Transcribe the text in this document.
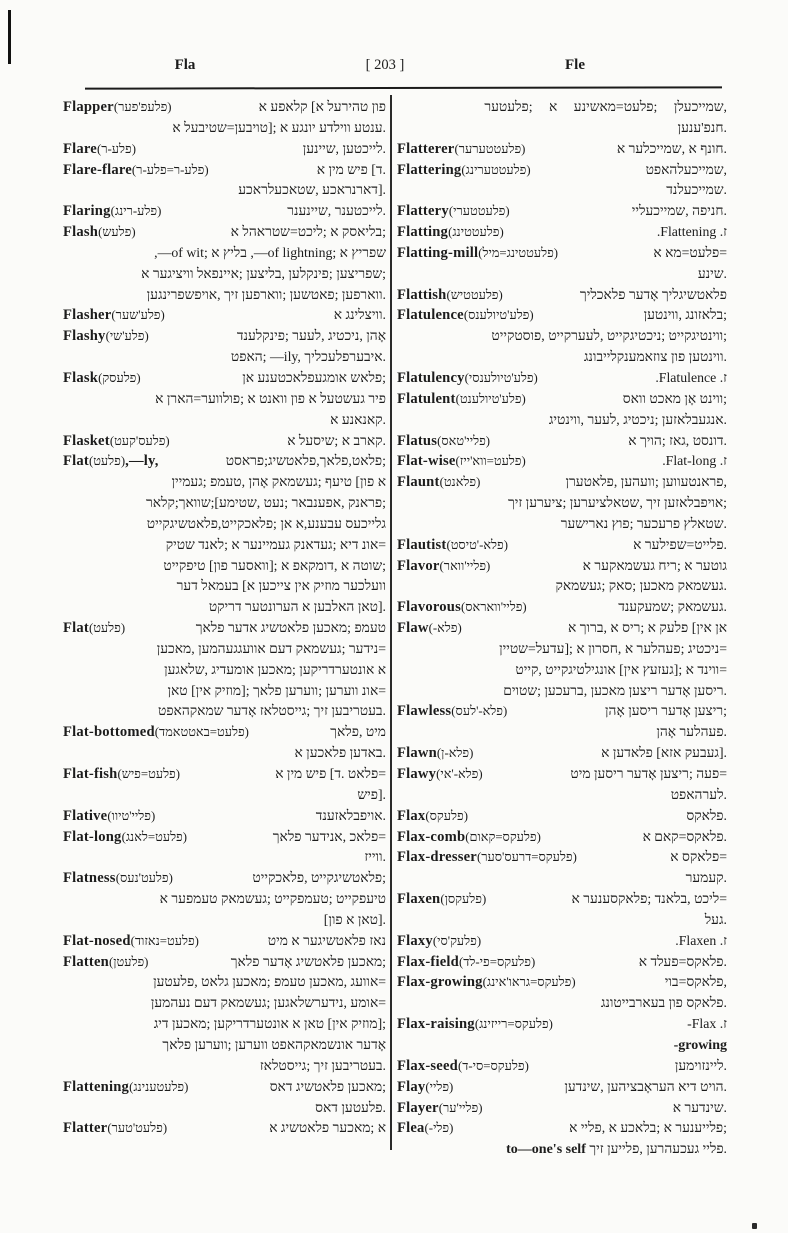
Fla	[ 203 ]	Fle
Flapper (פלעפ'פער)	א ‎קלאפע ‎[א ‎טהירעל ‎פון
א ‎טויבען=שטיבעל]; ‎א ‎יונגע ‎ווילדע ‎ענטע.
Flare (פלע-ר)	שיינען, ‎לייכטען.
Flare-flare (פלע-ר=פלע-ר)	א ‎מין ‎פיש ‎[ד.
שטאכעלראכע, ‎דארנראכע].
Flaring (פלע-רינג)	שיינענר, ‎לייכטענר.
Flash (פלעש)	א ‎ליכט=שטראהל; ‎א ‎בליאסק;
,—of ‎wit; ‎א ‎בליץ ‎,—of ‎lightning; ‎א ‎שפריץ
א ‎וויציגער ‎איינפאל; ‎בליצען, ‎פינקלען; ‎שפריצען;
אויפשפרינגען, ‎זיך ‎ווארפען; ‎פאטשען; ‎ווארפען.
Flasher (פלע'שער)	א ‎וויצלינג.
Flashy (פלע'שי)	פינקלענד; ‎לעער, ‎ניכטיג, ‎אָהן
האפט; ‎—ily, ‎איבערפלעכליך.
Flask (פלעסק)	אן ‎אומגעפלאכטענע ‎פלאש;
א ‎פולווער=הארן; ‎א ‎וואנט ‎פון ‎א ‎געשטעל ‎פיר
א ‎קאנאנע.
Flasket (פלעס'קעט)	א ‎שיסעל; ‎א ‎קארב.
Flat (פלעט) ,—ly,	פלאט,פלאך,פלאטשיג;פראסט;
געמיין; ‎טעמפ, ‎אָהן ‎געשמאק; ‎טיעף ‎[פון ‎א
שטימע];שוואך;קלאר, ‎נעט; ‎אפענבאר, ‎פראנק;
פלאכקייט,פלאטשיגקייט; ‎אן ‎עבענע,א ‎גלייכעס
שטיק ‎לאנד; ‎א ‎געמיינער ‎געדאנק; ‎דיא ‎אונ=
טיפקייט ‎[פון ‎וואסער]; ‎א ‎דומקאפ, ‎א ‎שוטה;
דער ‎בעמאל ‎[א ‎צייכען ‎אין ‎מוזיק ‎וועלכער
דריקט ‎הערונטער ‎א ‎האלבען ‎טאן].
Flat (פלעט)	פלאך ‎אדער ‎פלאטשיג ‎מאכען; ‎טעמפ
מאכען, ‎אוועגגעהמען ‎דעם ‎געשמאק; ‎נידער=
שלאגען, ‎אומעדיג ‎מאכען; ‎אונטערדריקען ‎א
טאן ‎[אין ‎מוזיק]; ‎פלאך ‎ווערען; ‎ווערען ‎אונ=
שמאקהאפט ‎אָדער ‎גייסטלאז; ‎זיך ‎בעטריבען.
Flat-bottomed (פלעט=באטטאמד)	פלאך, ‎מיט
א ‎פלאכען ‎באדען.
Flat-fish (פלעט=פיש)	א ‎מין ‎פיש ‎[ד. ‎פלאט=
פיש].
Flative (פליי'טיוו)	אויפבלאזענד.
Flat-long (פלעט=לאנג)	פלאך ‎אנידער, ‎פלאכ=
ווייז.
Flatness (פלעט'נעס)	פלאכקייט, ‎פלאטשיגקייט;
א ‎טעמפער ‎געשמאק; ‎טעמפקייט; ‎טיעפקייט
[פון ‎א ‎טאן].
Flat-nosed (פלעט=נאזוד)	מיט ‎א ‎פלאטשיגער ‎נאז
Flatten (פלעטן)	פלאך ‎אָדער ‎פלאטשיג ‎מאכען;
פלעטען, ‎גלאט ‎מאכען; ‎טעמפ ‎מאכען, ‎אוועג=
נעהמען ‎דעם ‎געשמאק; ‎נידערשלאגען, ‎אומע=
דיג ‎מאכען; ‎אונטערדריקען ‎א ‎טאן ‎[אין ‎מוזיק];
פלאך ‎ווערען; ‎ווערען ‎אונשמאקהאפט ‎אָדער
גייסטלאז; ‎זיך ‎בעטריבען.
Flattening (פלעטענינג)	דאס ‎פלאטשיג ‎מאכען;
דאס ‎פלעטען.
Flatter (פלעט'טער)	א ‎פלאטשיג ‎מאכער; ‎א
פלעטער; ‎א ‎פלעט=מאשינע; ‎שמייכעלן,
חנפ'ענען.
Flatterer (פלעטטערער)	א ‎שמייכלער, ‎א ‎חונף.
Flattering (פלעטטערינג)	שמייכעלהאפט,
שמייכעלנד.
Flattery (פלעטטערי)	שמייכעליי, ‎חניפה.
Flatting (פלעטטינג)	ז. Flattening.
Flatting-mill (פלעטטינג=מיל)	א ‎פלעט=מא=
שינע.
Flattish (פלעטטיש)	פלאכליך ‎אָדער ‎פלאטשיגליך
Flatulence (פלע'טיולענס)	ווינטען, ‎בלאזונג;
פוסטקייט, ‎לעערקייט, ‎ניכטיגקייט; ‎ווינטיגקייט;
צוזאמענקלייבונג ‎פון ‎ווינטען.
Flatulency (פלע'טיולענסי)	ז. Flatulence.
Flatulent (פלע'טיולענט)	וואס ‎מאכט ‎אָן ‎ווינט;
ווינטיג, ‎לעער, ‎ניכטיג; ‎אנגעבלאזען.
Flatus (פליי'טאס)	א ‎הויך; ‎גאז, ‎דונסט.
Flat-wise (פלעט=ווא'ייז)	ז. Flat-long.
Flaunt (פלאנט)	פלאטערן, ‎וועהען; ‎פראנטעווען,
זיך ‎ציערען; ‎שטאלציערען, ‎זיך ‎אויפבלאזען;
נארישער ‎פוץ; ‎פרעכער ‎שטאלץ.
Flautist (פלא-'טיסט)	א ‎פלייט=שפילער.
Flavor (פליי'וואר)	א ‎געשמאקער ‎ריח; ‎א ‎גוטער
געשמאק; ‎סאק; ‎מאכען ‎געשמאק.
Flavorous (פליי'וואראס)	שמעקענד; ‎געשמאק.
Flaw (פלא-)	א ‎ברוך, ‎א ‎ריס; ‎א ‎פלעק ‎[אין ‎אן
עדעל=שטיין]; ‎א ‎חסרון, ‎א ‎פעהלער; ‎ניכטיג=
קייט, ‎אונגילטיגקייט ‎[אין ‎געזעץ]; ‎א ‎ווינד=
שטוים; ‎ברעכען, ‎מאכען ‎ריצען ‎אָדער ‎ריסען.
Flawless (פלא-'לעס)	אָהן ‎ריסען ‎אָדער ‎ריצען;
אָהן ‎פעהלער.
Flawn (פלא-ן)	א ‎פלאדען ‎[אזא ‎געבעק].
Flawy (פלא-'אי)	מיט ‎ריסען ‎אָדער ‎ריצען; ‎פעה=
לערהאפט.
Flax (פלעקס)	פלאקס.
Flax-comb (פלעקס=קאום)	א ‎פלאקס=קאם.
Flax-dresser (פלעקס=דרעס'סער)	א ‎פלאקס=
קעמער.
Flaxen (פלעקסן)	א ‎פלאקסענער; ‎בלאנד, ‎ליכט=
געל.
Flaxy (פלעק'סי)	ז. Flaxen.
Flax-field (פלעקס=פי-לד)	א ‎פלאקס=פעלד.
Flax-growing (פלעקס=גראו'אינג)	פלאקס=בוי,
בעארבייטונג ‎פון ‎פלאקס.
Flax-raising (פלעקס=רייזינג)	ז. Flax-
-growing
Flax-seed (פלעקס=סי-ד)	ליינזוימען.
Flay (פליי)	שינדען, ‎העראָבציהען ‎דיא ‎הויט.
Flayer (פליי'ער)	א ‎שינדער.
Flea (פלי-)	א ‎פליי, ‎א ‎בלאכע; ‎א ‎פלייענער;
to—one's self זיך ‎פלייען, ‎געכעהרען ‎פליי.
